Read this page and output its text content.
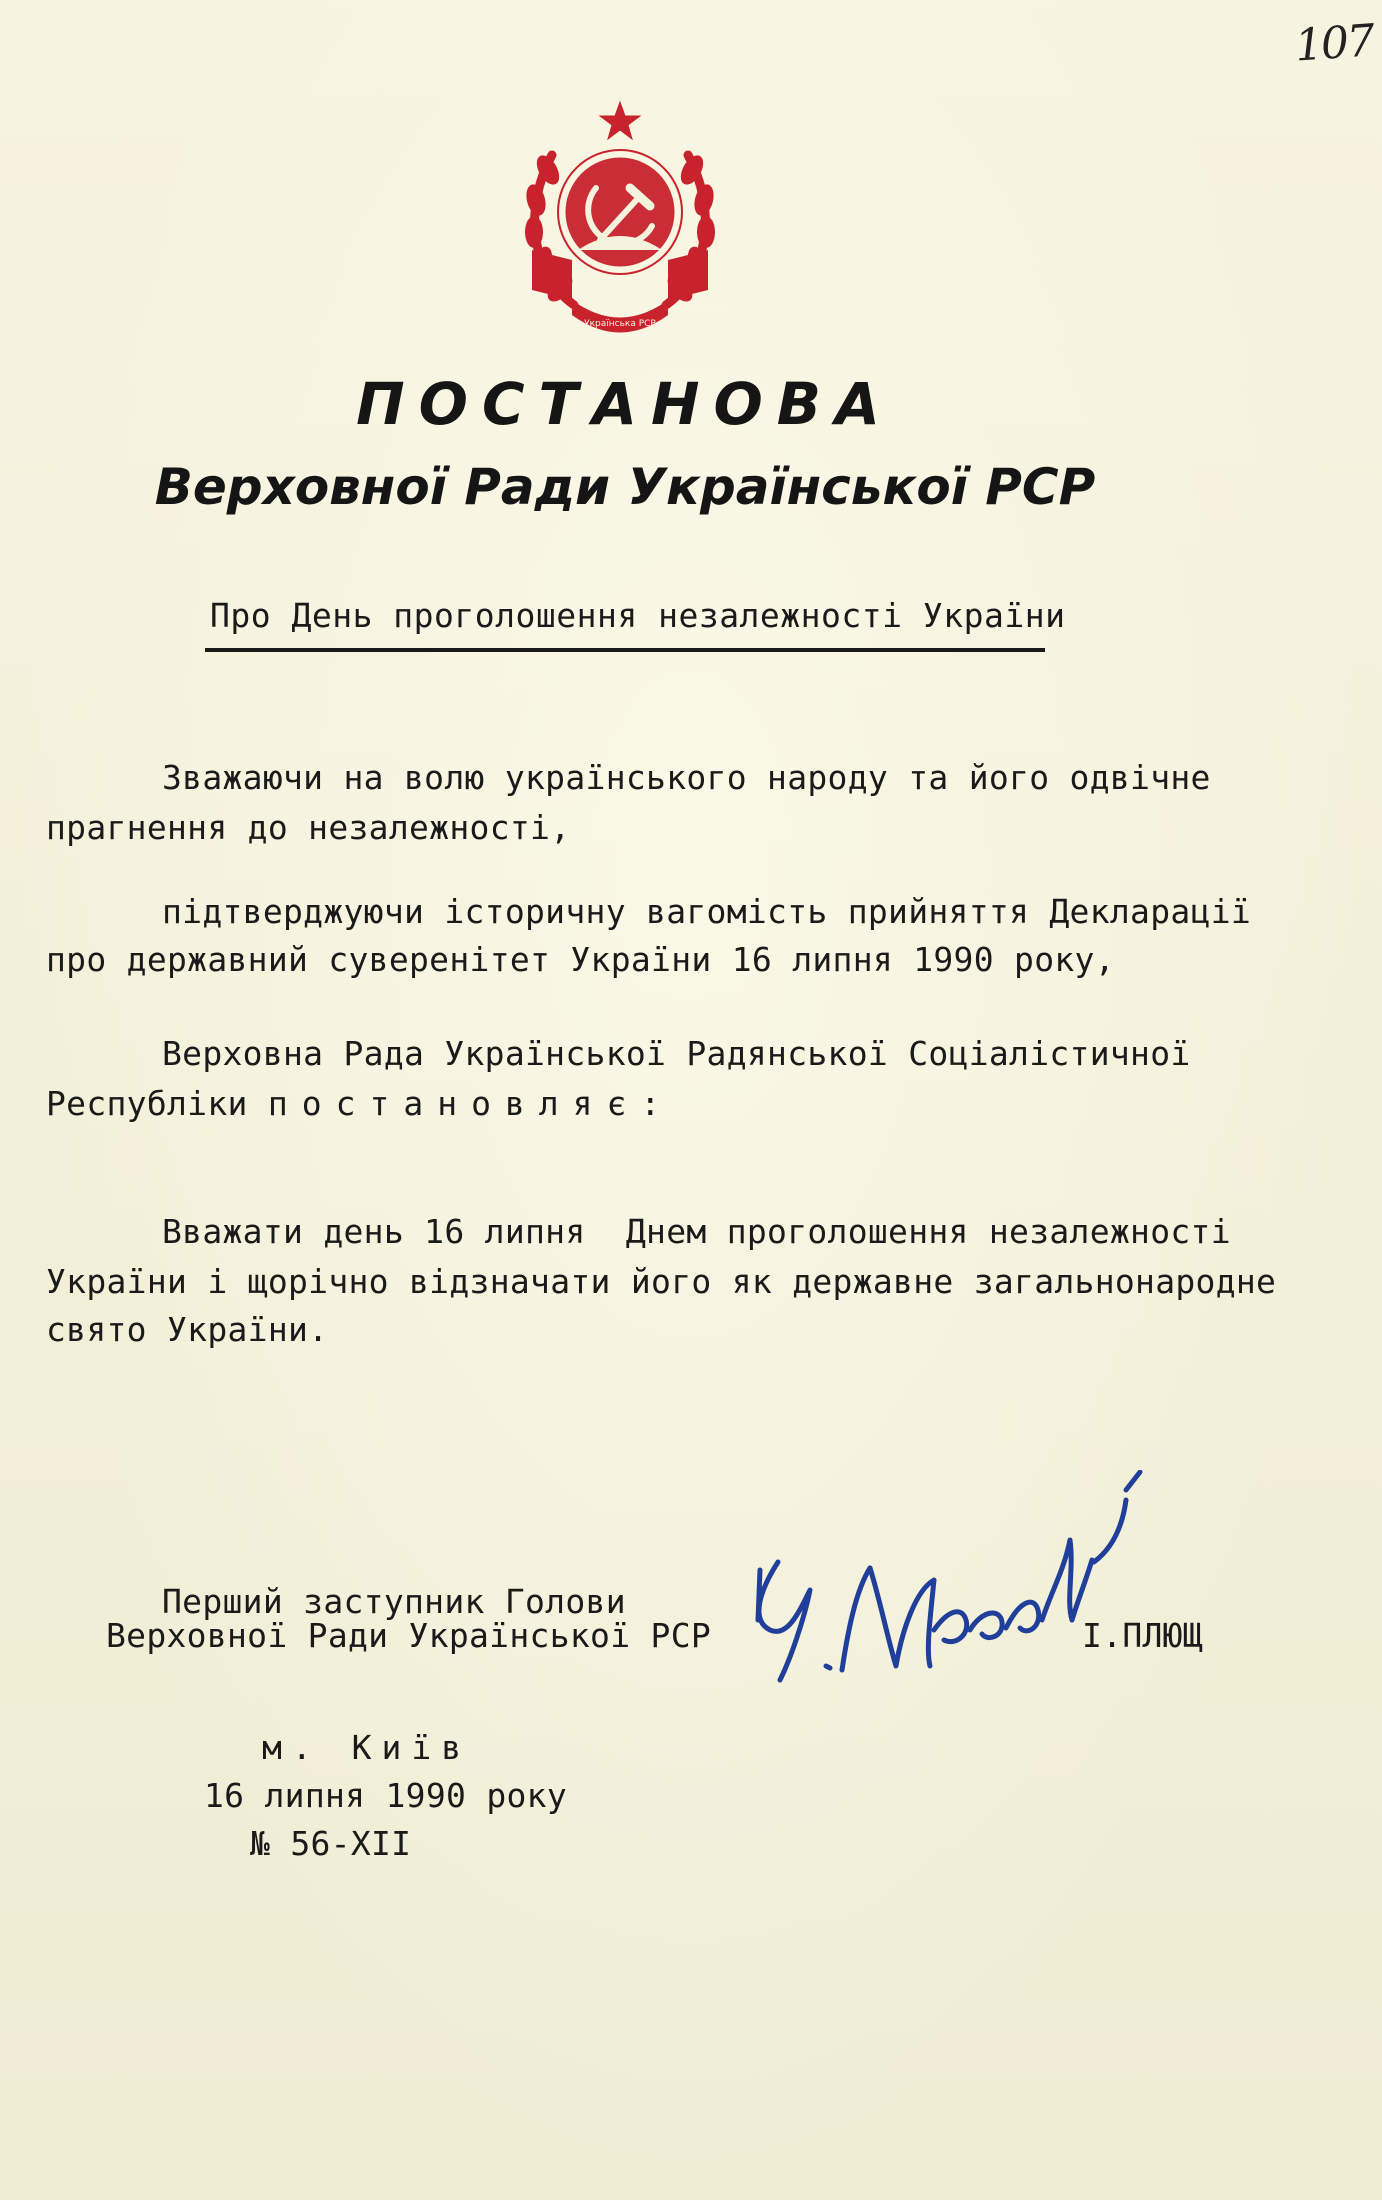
107
Українська РСР
ПОСТАНОВА
Верховної Ради Української РСР
Про День проголошення незалежності України
Зважаючи на волю українського народу та його одвічне
прагнення до незалежності,
підтверджуючи історичну вагомість прийняття Декларації
про державний суверенітет України 16 липня 1990 року,
Верховна Рада Української Радянської Соціалістичної
Республіки постановляє:
Вважати день 16 липня  Днем проголошення незалежності
України і щорічно відзначати його як державне загальнонародне
свято України.
Перший заступник Голови
Верховної Ради Української РСР	І.ПЛЮЩ
м. Київ
16 липня 1990 року
№ 56-XII
